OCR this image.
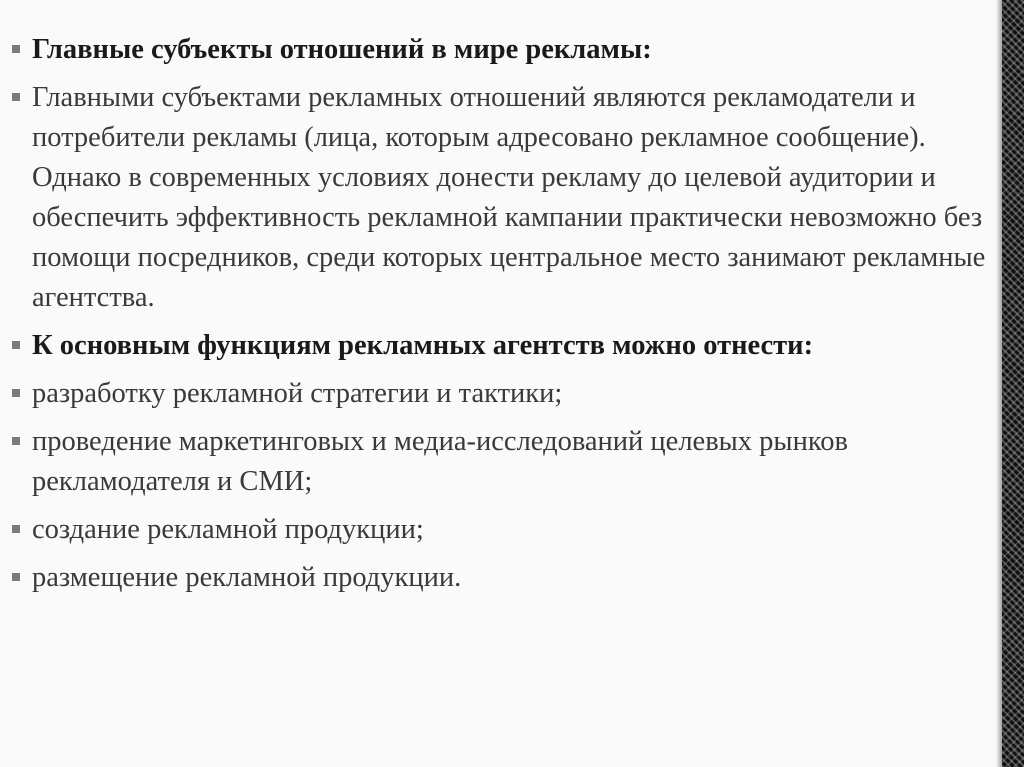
Главные субъекты отношений в мире рекламы:
Главными субъектами рекламных отношений являются рекламодатели и потребители рекламы (лица, которым адресовано рекламное сообщение). Однако в современных условиях донести рекламу до целевой аудитории и обеспечить эффективность рекламной кампании практически невозможно без помощи посредников, среди которых центральное место занимают рекламные агентства.
К основным функциям рекламных агентств можно отнести:
разработку рекламной стратегии и тактики;
проведение маркетинговых и медиа-исследований целевых рынков рекламодателя и СМИ;
создание рекламной продукции;
размещение рекламной продукции.
